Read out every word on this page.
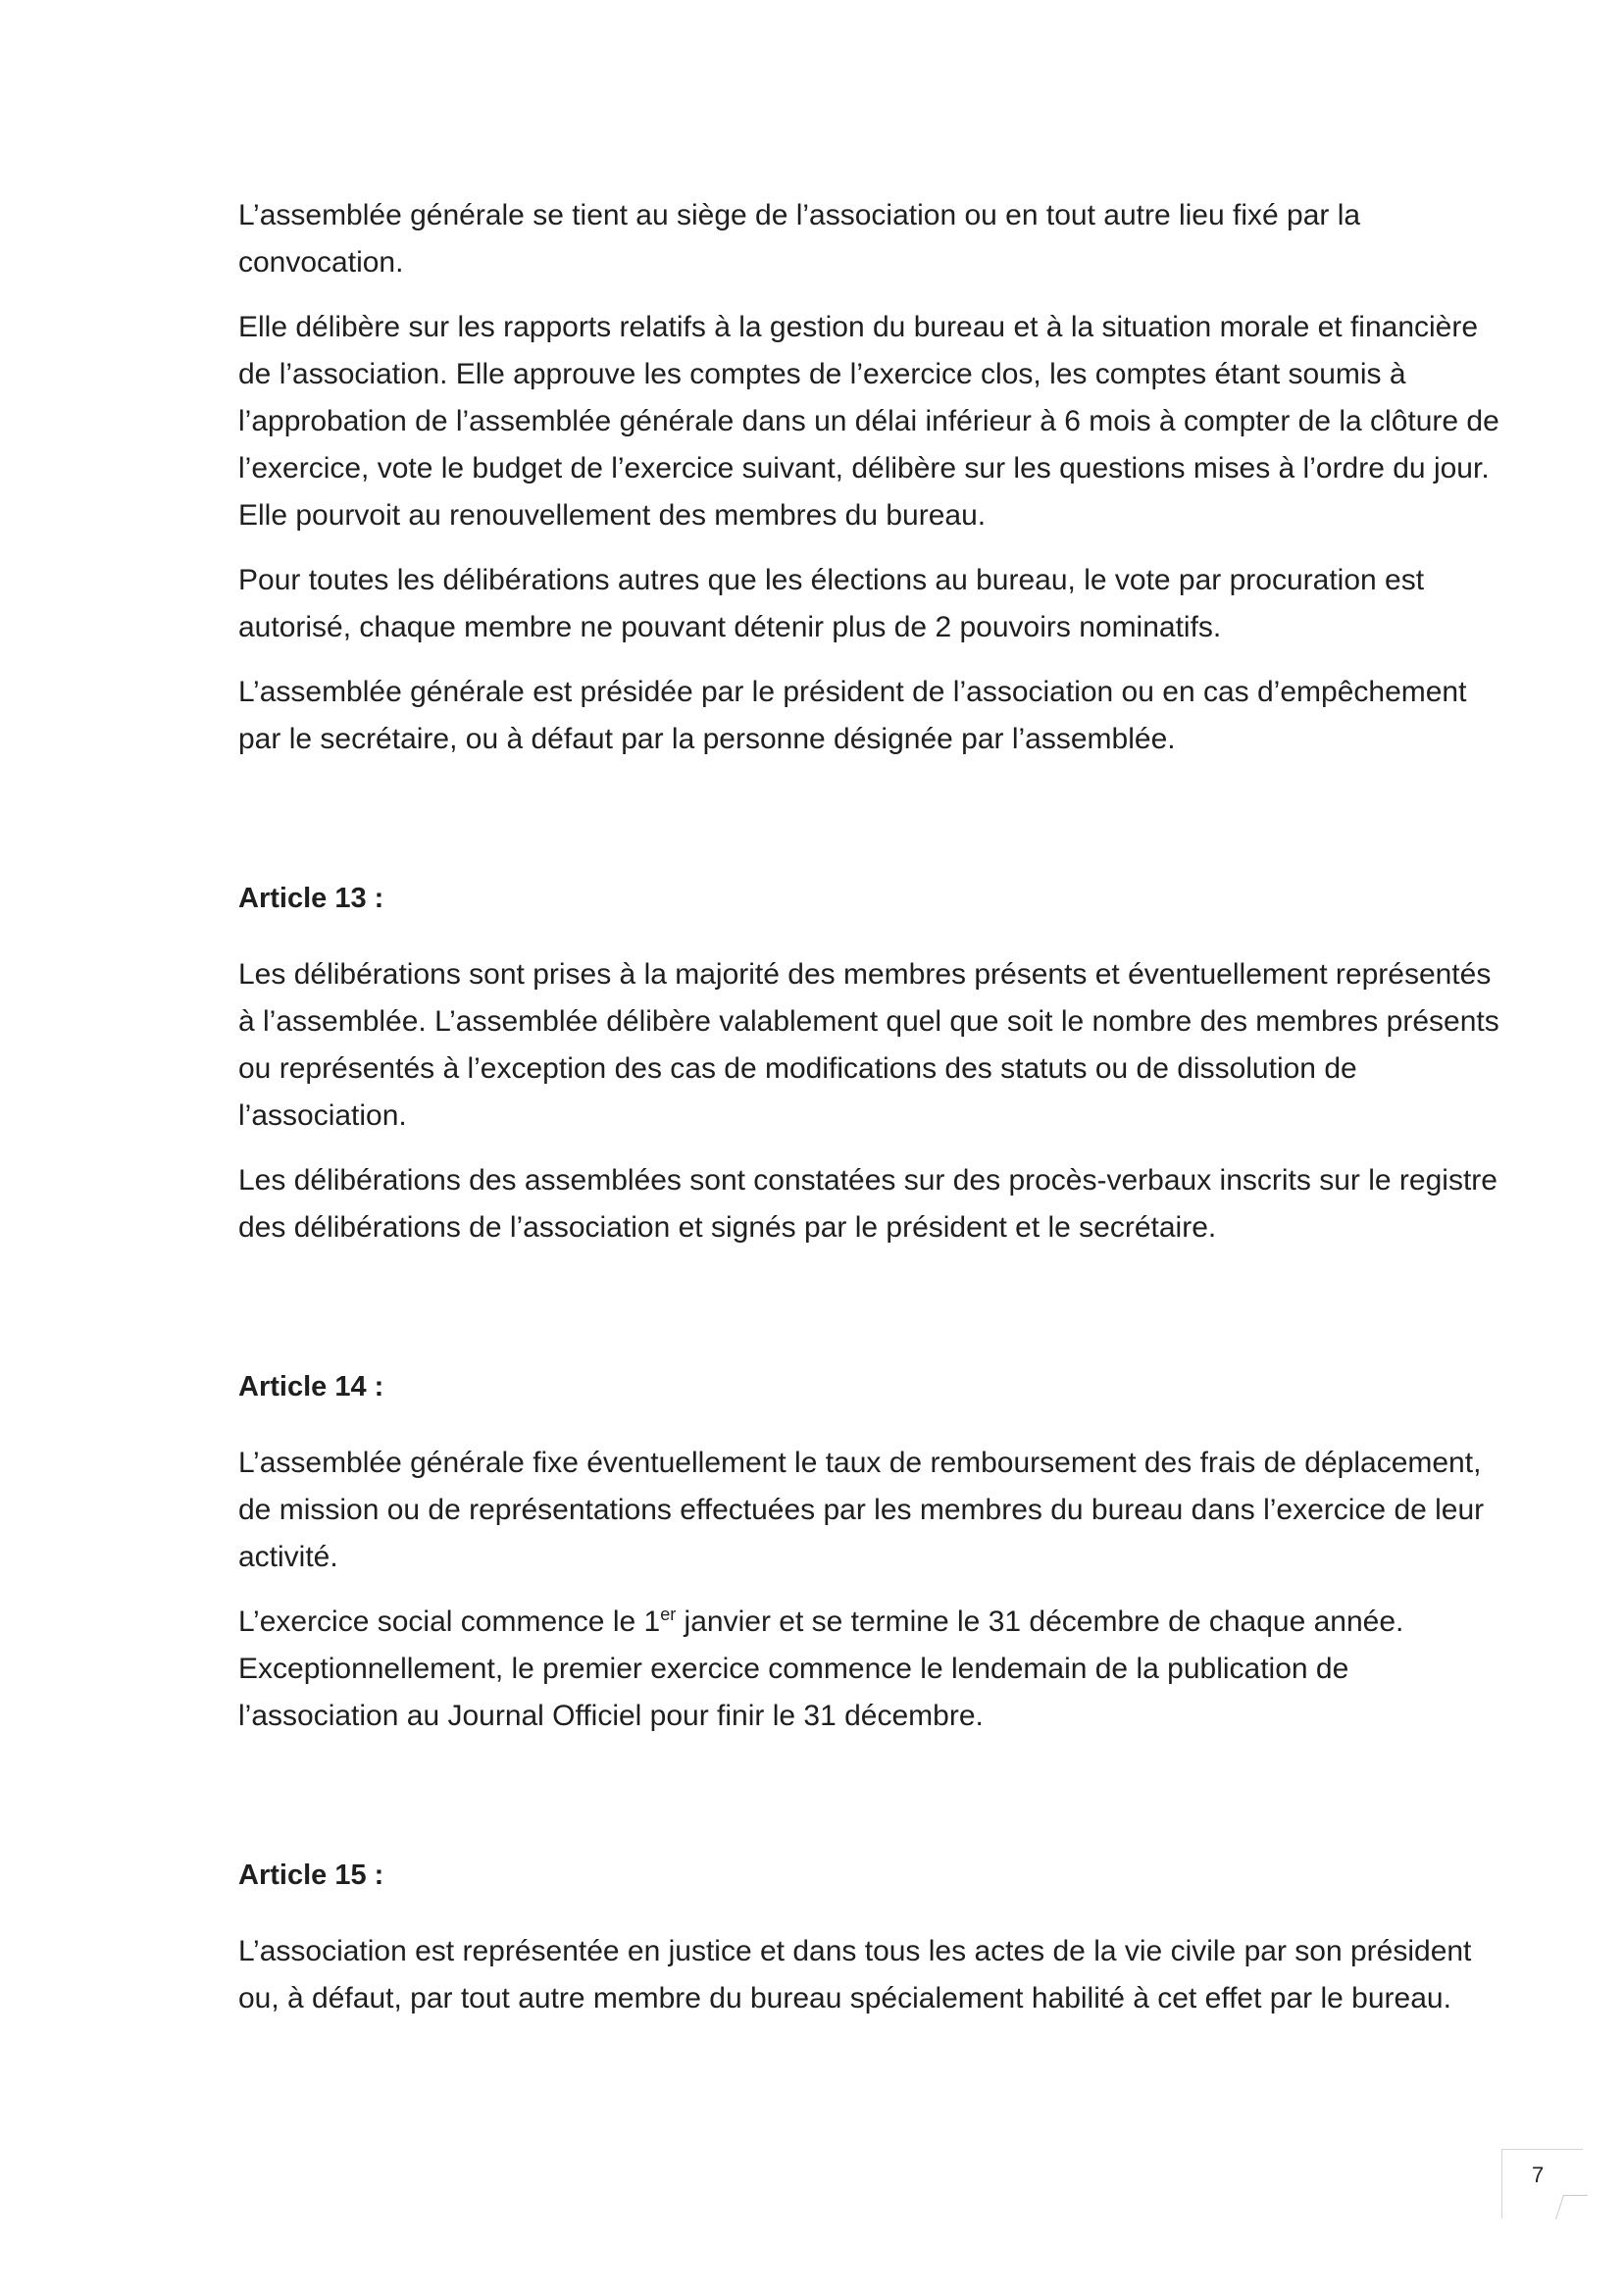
L’assemblée générale se tient au siège de l’association ou en tout autre lieu fixé par la convocation.

Elle délibère sur les rapports relatifs à la gestion du bureau et à la situation morale et financière de l’association. Elle approuve les comptes de l’exercice clos, les comptes étant soumis à l’approbation de l’assemblée générale dans un délai inférieur à 6 mois à compter de la clôture de l’exercice, vote le budget de l’exercice suivant, délibère sur les questions mises à l’ordre du jour. Elle pourvoit au renouvellement des membres du bureau.

Pour toutes les délibérations autres que les élections au bureau, le vote par procuration est autorisé, chaque membre ne pouvant détenir plus de 2 pouvoirs nominatifs.

L’assemblée générale est présidée par le président de l’association ou en cas d’empêchement par le secrétaire, ou à défaut par la personne désignée par l’assemblée.

Article 13 :

Les délibérations sont prises à la majorité des membres présents et éventuellement représentés à l’assemblée. L’assemblée délibère valablement quel que soit le nombre des membres présents ou représentés à l’exception des cas de modifications des statuts ou de dissolution de l’association.

Les délibérations des assemblées sont constatées sur des procès-verbaux inscrits sur le registre des délibérations de l’association et signés par le président et le secrétaire.

Article 14 :

L’assemblée générale fixe éventuellement le taux de remboursement des frais de déplacement, de mission ou de représentations effectuées par les membres du bureau dans l’exercice de leur activité.

L’exercice social commence le 1er janvier et se termine le 31 décembre de chaque année. Exceptionnellement, le premier exercice commence le lendemain de la publication de l’association au Journal Officiel pour finir le 31 décembre.

Article 15 :

L’association est représentée en justice et dans tous les actes de la vie civile par son président ou, à défaut, par tout autre membre du bureau spécialement habilité à cet effet par le bureau.

7
